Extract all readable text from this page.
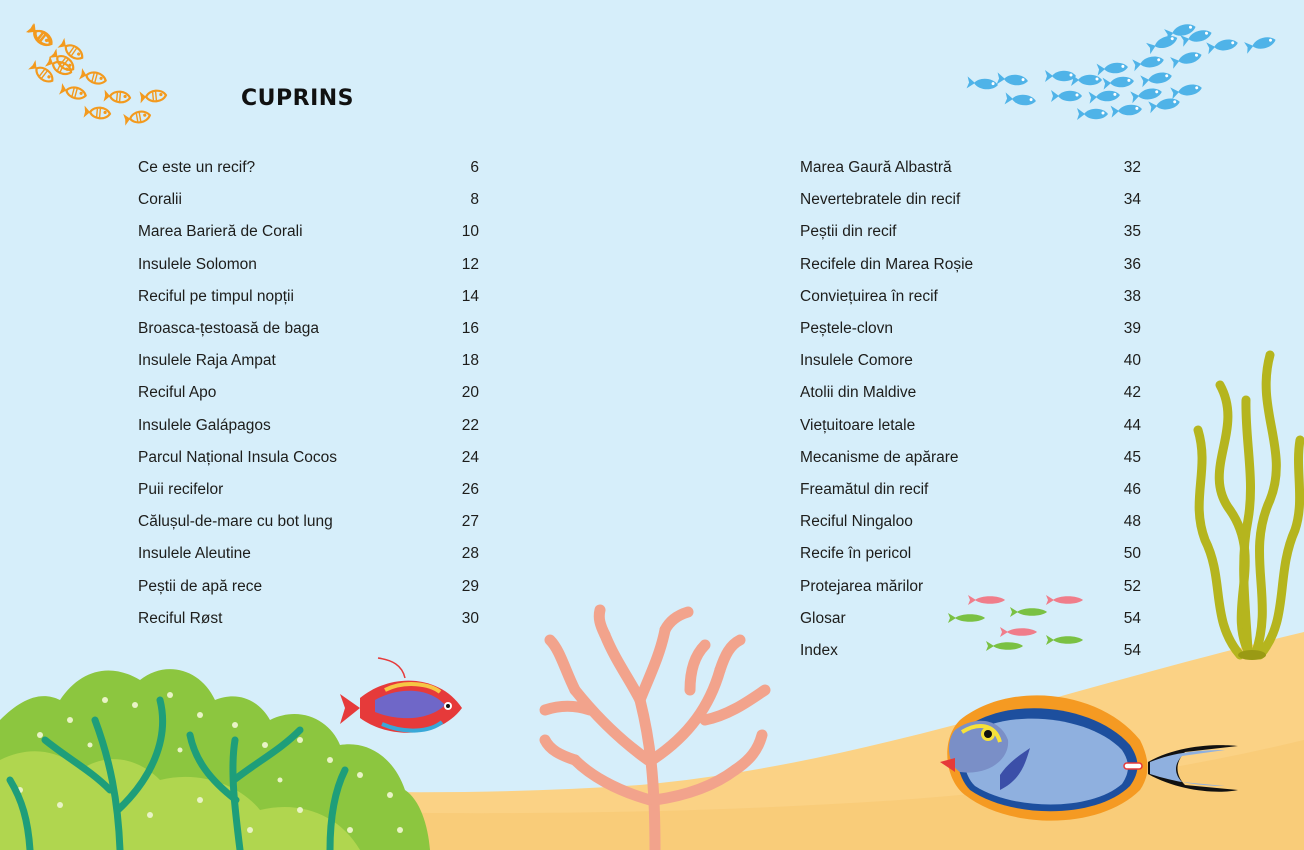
CUPRINS
Ce este un recif?	6
Coralii	8
Marea Barieră de Corali	10
Insulele Solomon	12
Reciful pe timpul nopții	14
Broasca-țestoasă de baga	16
Insulele Raja Ampat	18
Reciful Apo	20
Insulele Galápagos	22
Parcul Național Insula Cocos	24
Puii recifelor	26
Călușul-de-mare cu bot lung	27
Insulele Aleutine	28
Peștii de apă rece	29
Reciful Røst	30
Marea Gaură Albastră	32
Nevertebratele din recif	34
Peștii din recif	35
Recifele din Marea Roșie	36
Conviețuirea în recif	38
Peștele-clovn	39
Insulele Comore	40
Atolii din Maldive	42
Viețuitoare letale	44
Mecanisme de apărare	45
Freamătul din recif	46
Reciful Ningaloo	48
Recife în pericol	50
Protejarea mărilor	52
Glosar	54
Index	54
